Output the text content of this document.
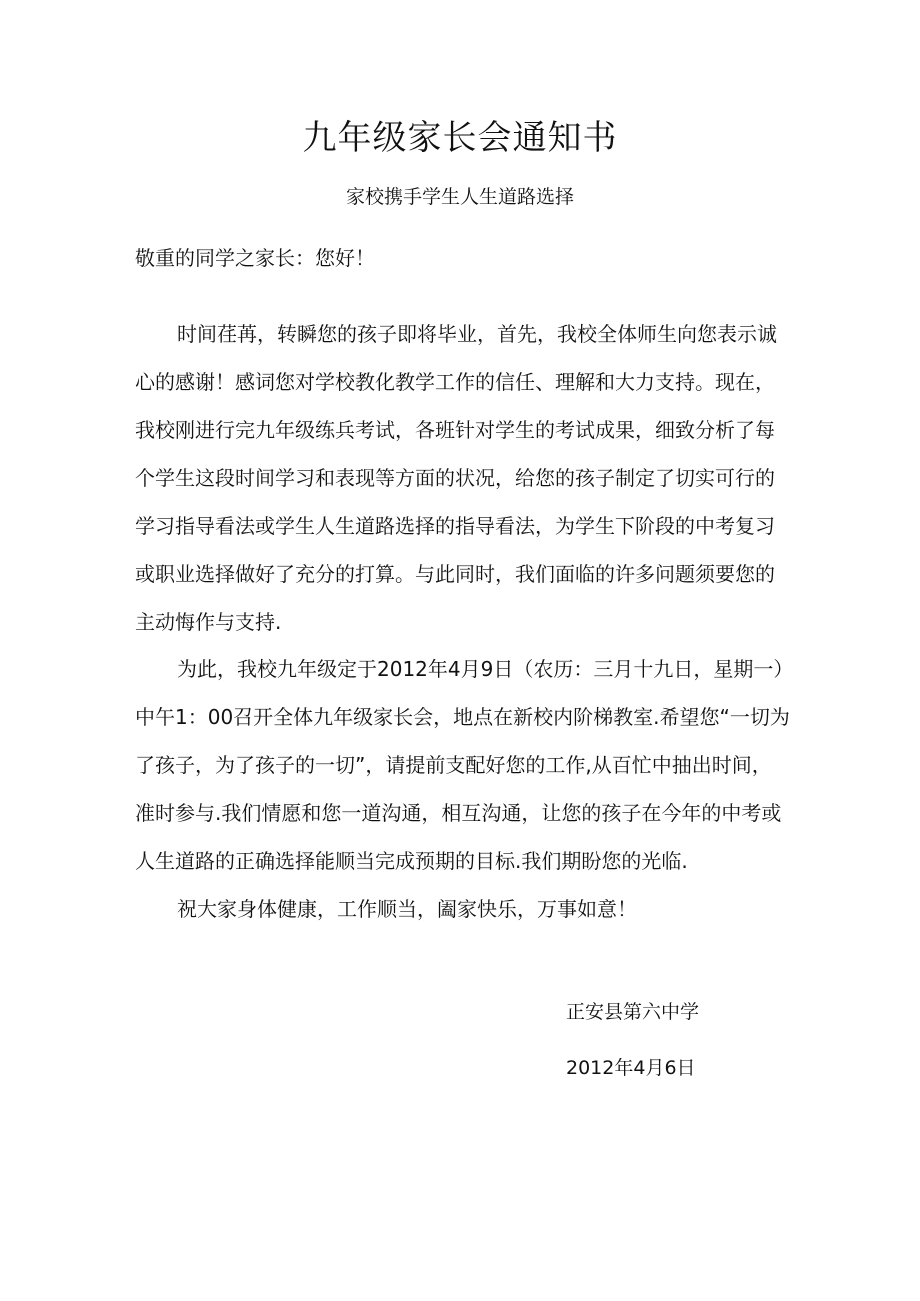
九年级家长会通知书
家校携手学生人生道路选择
敬重的同学之家长：您好！

时间荏苒，转瞬您的孩子即将毕业，首先，我校全体师生向您表示诚
心的感谢！感词您对学校教化教学工作的信任、理解和大力支持。现在，
我校刚进行完九年级练兵考试，各班针对学生的考试成果，细致分析了每
个学生这段时间学习和表现等方面的状况，给您的孩子制定了切实可行的
学习指导看法或学生人生道路选择的指导看法，为学生下阶段的中考复习
或职业选择做好了充分的打算。与此同时，我们面临的许多问题须要您的
主动悔作与支持.

为此，我校九年级定于2012年4月9日（农历：三月十九日，星期一）
中午1：00召开全体九年级家长会，地点在新校内阶梯教室.希望您“一切为
了孩子，为了孩子的一切”，请提前支配好您的工作,从百忙中抽出时间，
准时参与.我们情愿和您一道沟通，相互沟通，让您的孩子在今年的中考或
人生道路的正确选择能顺当完成预期的目标.我们期盼您的光临.

祝大家身体健康，工作顺当，阖家快乐，万事如意！

正安县第六中学
2012年4月6日
